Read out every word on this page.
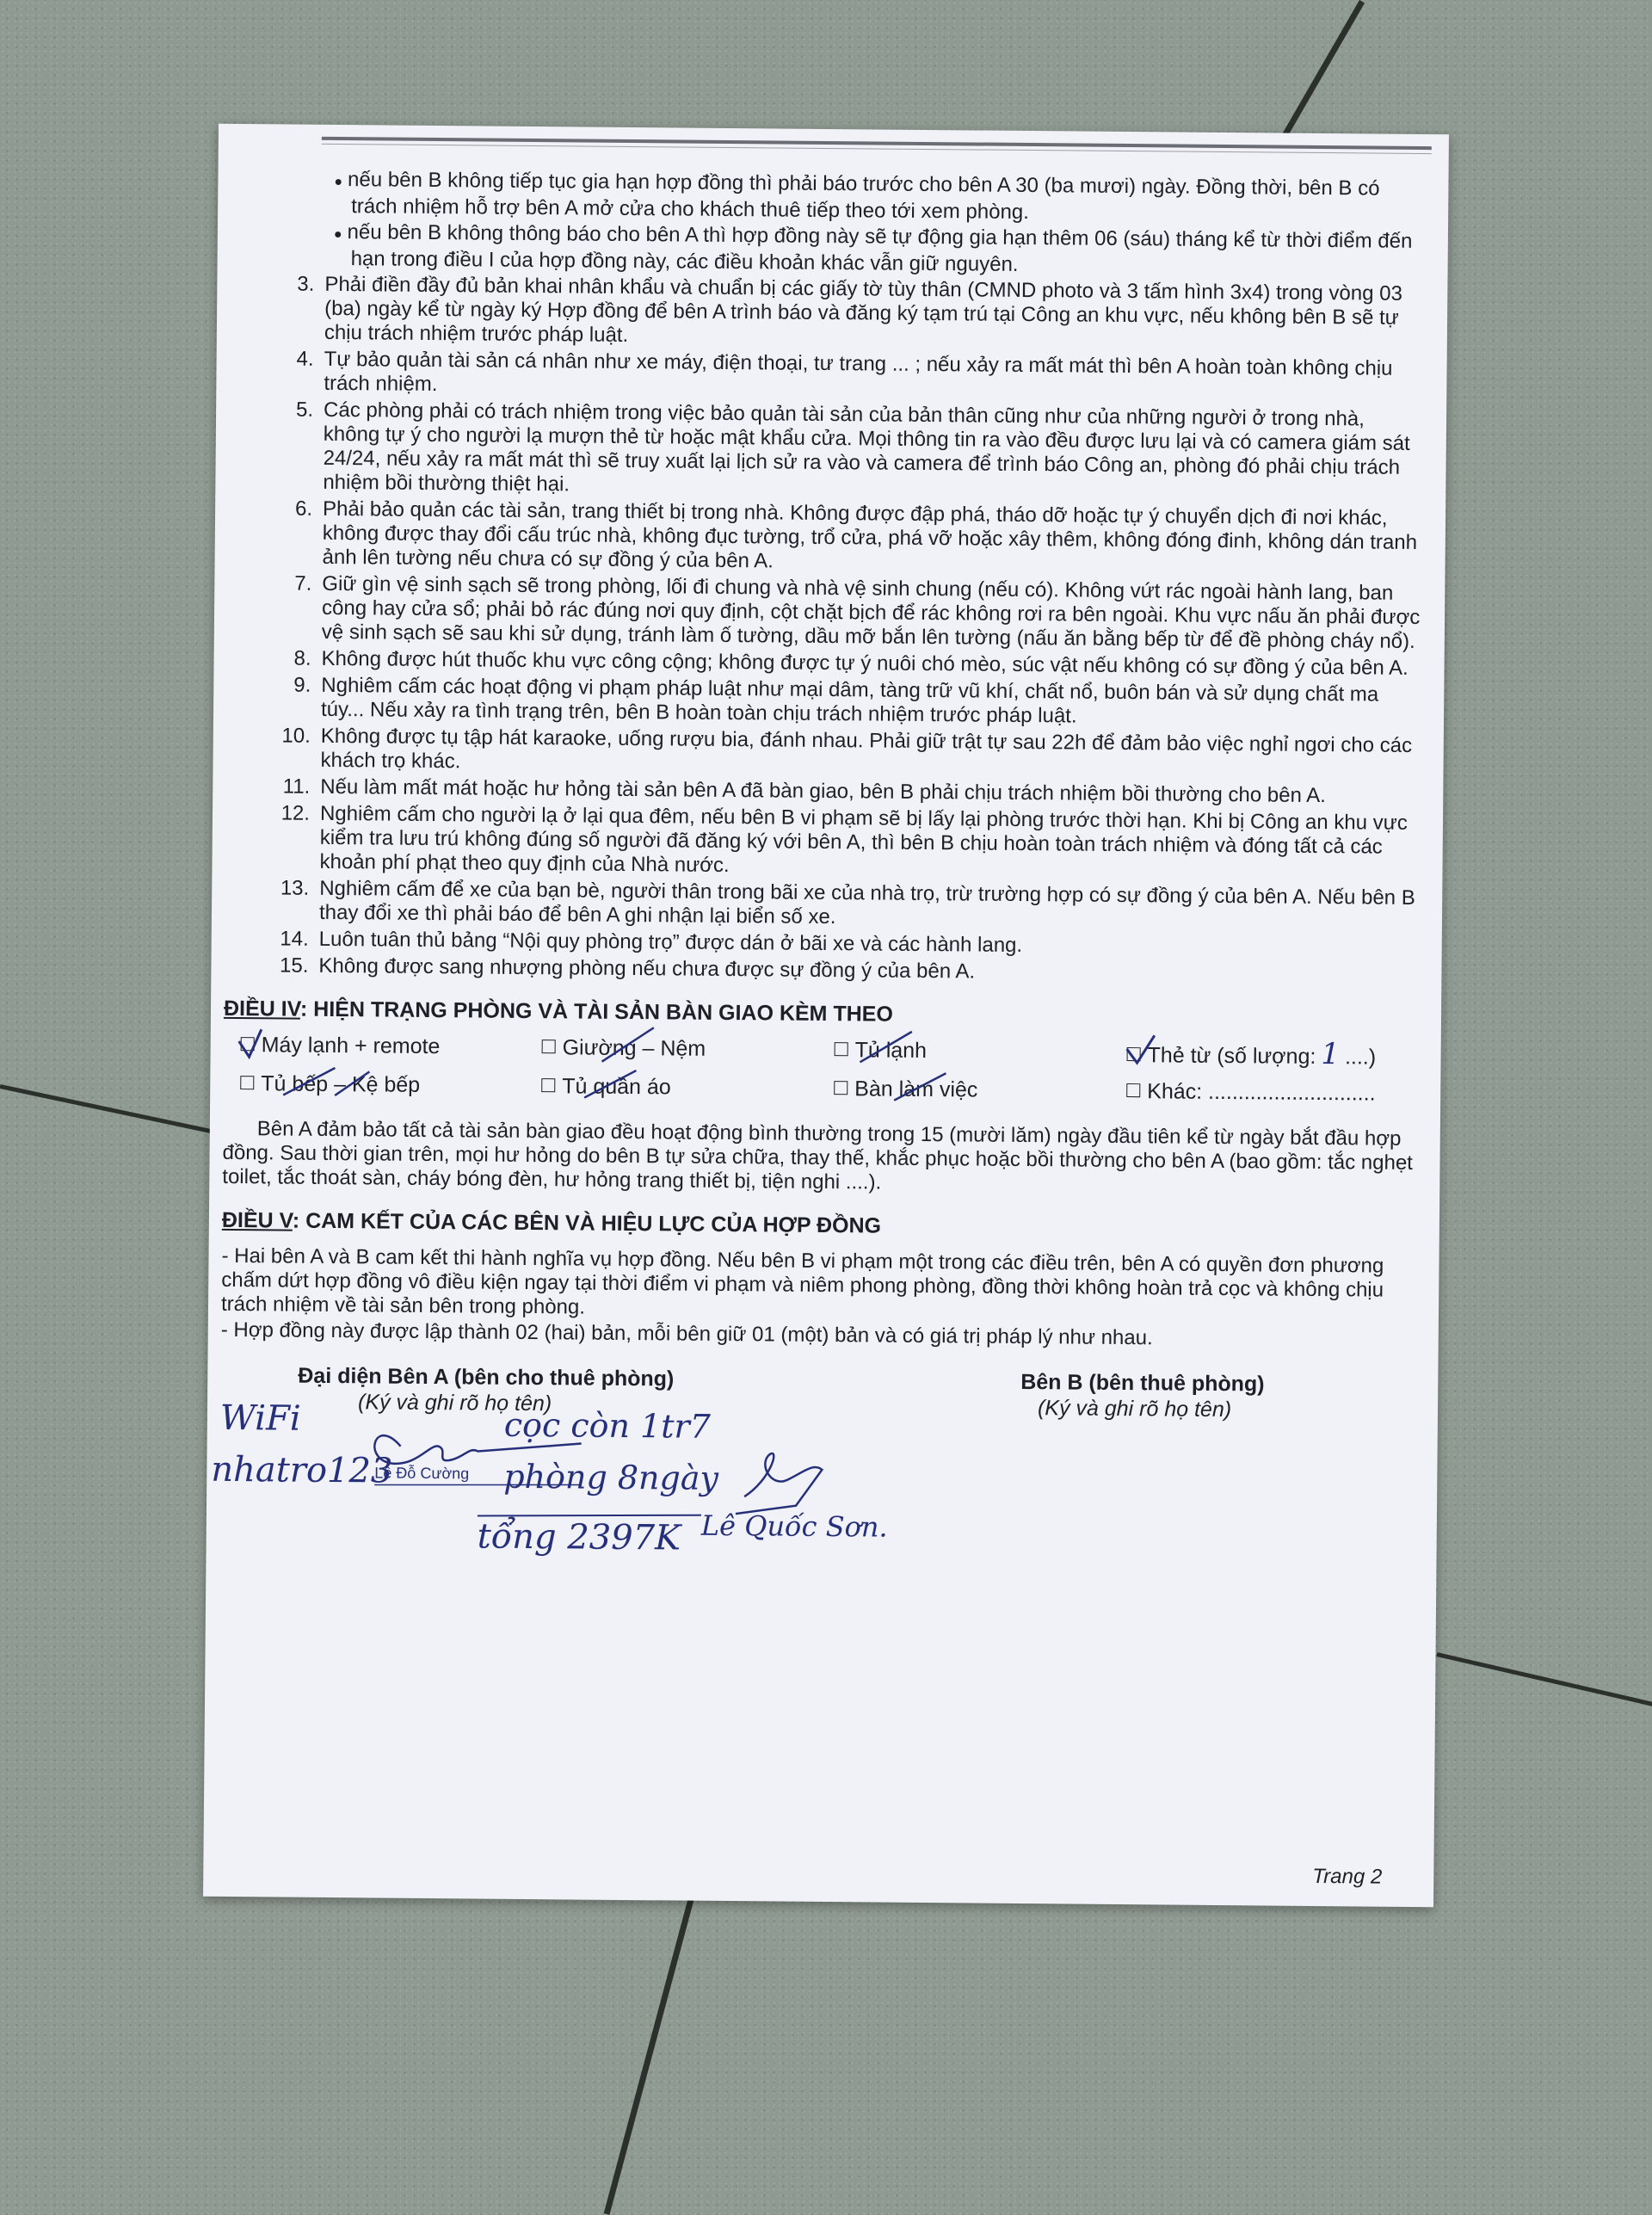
● nếu bên B không tiếp tục gia hạn hợp đồng thì phải báo trước cho bên A 30 (ba mươi) ngày. Đồng thời, bên B có trách nhiệm hỗ trợ bên A mở cửa cho khách thuê tiếp theo tới xem phòng.

● nếu bên B không thông báo cho bên A thì hợp đồng này sẽ tự động gia hạn thêm 06 (sáu) tháng kể từ thời điểm đến hạn trong điều I của hợp đồng này, các điều khoản khác vẫn giữ nguyên.

3. Phải điền đầy đủ bản khai nhân khẩu và chuẩn bị các giấy tờ tùy thân (CMND photo và 3 tấm hình 3x4) trong vòng 03 (ba) ngày kể từ ngày ký Hợp đồng để bên A trình báo và đăng ký tạm trú tại Công an khu vực, nếu không bên B sẽ tự chịu trách nhiệm trước pháp luật.
4. Tự bảo quản tài sản cá nhân như xe máy, điện thoại, tư trang ... ; nếu xảy ra mất mát thì bên A hoàn toàn không chịu trách nhiệm.
5. Các phòng phải có trách nhiệm trong việc bảo quản tài sản của bản thân cũng như của những người ở trong nhà, không tự ý cho người lạ mượn thẻ từ hoặc mật khẩu cửa. Mọi thông tin ra vào đều được lưu lại và có camera giám sát 24/24, nếu xảy ra mất mát thì sẽ truy xuất lại lịch sử ra vào và camera để trình báo Công an, phòng đó phải chịu trách nhiệm bồi thường thiệt hại.
6. Phải bảo quản các tài sản, trang thiết bị trong nhà. Không được đập phá, tháo dỡ hoặc tự ý chuyển dịch đi nơi khác, không được thay đổi cấu trúc nhà, không đục tường, trổ cửa, phá vỡ hoặc xây thêm, không đóng đinh, không dán tranh ảnh lên tường nếu chưa có sự đồng ý của bên A.
7. Giữ gìn vệ sinh sạch sẽ trong phòng, lối đi chung và nhà vệ sinh chung (nếu có). Không vứt rác ngoài hành lang, ban công hay cửa sổ; phải bỏ rác đúng nơi quy định, cột chặt bịch để rác không rơi ra bên ngoài. Khu vực nấu ăn phải được vệ sinh sạch sẽ sau khi sử dụng, tránh làm ố tường, dầu mỡ bắn lên tường (nấu ăn bằng bếp từ để đề phòng cháy nổ).
8. Không được hút thuốc khu vực công cộng; không được tự ý nuôi chó mèo, súc vật nếu không có sự đồng ý của bên A.
9. Nghiêm cấm các hoạt động vi phạm pháp luật như mại dâm, tàng trữ vũ khí, chất nổ, buôn bán và sử dụng chất ma túy... Nếu xảy ra tình trạng trên, bên B hoàn toàn chịu trách nhiệm trước pháp luật.
10. Không được tụ tập hát karaoke, uống rượu bia, đánh nhau. Phải giữ trật tự sau 22h để đảm bảo việc nghỉ ngơi cho các khách trọ khác.
11. Nếu làm mất mát hoặc hư hỏng tài sản bên A đã bàn giao, bên B phải chịu trách nhiệm bồi thường cho bên A.
12. Nghiêm cấm cho người lạ ở lại qua đêm, nếu bên B vi phạm sẽ bị lấy lại phòng trước thời hạn. Khi bị Công an khu vực kiểm tra lưu trú không đúng số người đã đăng ký với bên A, thì bên B chịu hoàn toàn trách nhiệm và đóng tất cả các khoản phí phạt theo quy định của Nhà nước.
13. Nghiêm cấm để xe của bạn bè, người thân trong bãi xe của nhà trọ, trừ trường hợp có sự đồng ý của bên A. Nếu bên B thay đổi xe thì phải báo để bên A ghi nhận lại biển số xe.
14. Luôn tuân thủ bảng “Nội quy phòng trọ” được dán ở bãi xe và các hành lang.
15. Không được sang nhượng phòng nếu chưa được sự đồng ý của bên A.
ĐIỀU IV: HIỆN TRẠNG PHÒNG VÀ TÀI SẢN BÀN GIAO KÈM THEO
Máy lạnh + remote	Giường – Nệm	Tủ lạnh	Thẻ từ (số lượng: 1 ....)
Tủ bếp – Kệ bếp	Tủ quần áo	Bàn làm việc	Khác: ............................

Bên A đảm bảo tất cả tài sản bàn giao đều hoạt động bình thường trong 15 (mười lăm) ngày đầu tiên kể từ ngày bắt đầu hợp đồng. Sau thời gian trên, mọi hư hỏng do bên B tự sửa chữa, thay thế, khắc phục hoặc bồi thường cho bên A (bao gồm: tắc nghẹt toilet, tắc thoát sàn, cháy bóng đèn, hư hỏng trang thiết bị, tiện nghi ....).

ĐIỀU V: CAM KẾT CỦA CÁC BÊN VÀ HIỆU LỰC CỦA HỢP ĐỒNG

- Hai bên A và B cam kết thi hành nghĩa vụ hợp đồng. Nếu bên B vi phạm một trong các điều trên, bên A có quyền đơn phương chấm dứt hợp đồng vô điều kiện ngay tại thời điểm vi phạm và niêm phong phòng, đồng thời không hoàn trả cọc và không chịu trách nhiệm về tài sản bên trong phòng.

- Hợp đồng này được lập thành 02 (hai) bản, mỗi bên giữ 01 (một) bản và có giá trị pháp lý như nhau.

Đại diện Bên A (bên cho thuê phòng)
(Ký và ghi rõ họ tên)
Bên B (bên thuê phòng)
(Ký và ghi rõ họ tên)
WiFi
nhatro123
Lê Đỗ Cường
cọc còn 1tr7
phòng 8ngày
tổng 2397K Lê Quốc Sơn.
Trang 2
